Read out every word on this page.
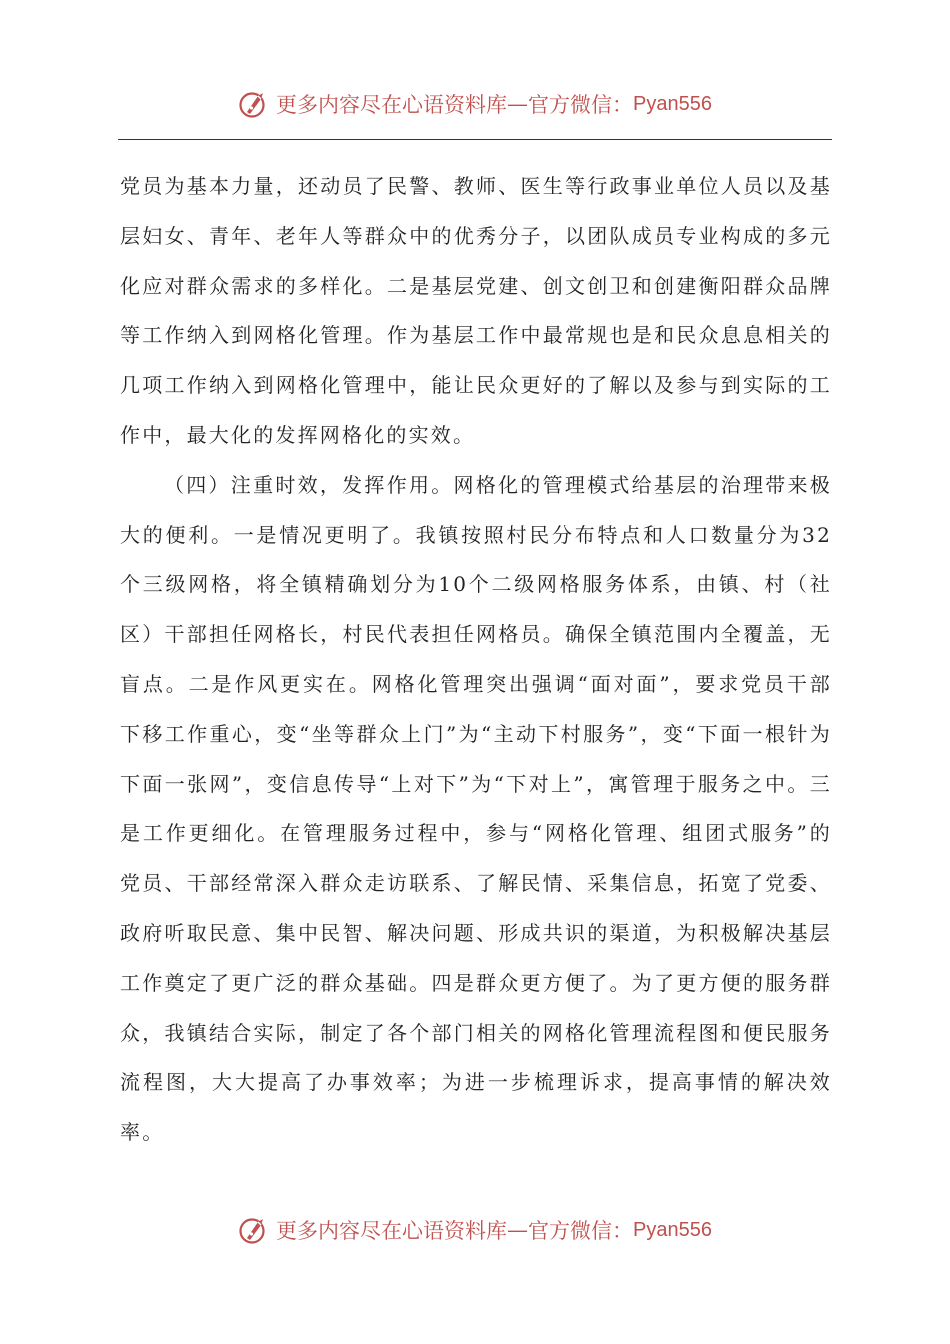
更多内容尽在心语资料库 — 官方微信： Pyan556

党员为基本力量，还动员了民警、教师、医生等行政事业单位人员以及基层妇女、青年、老年人等群众中的优秀分子，以团队成员专业构成的多元化应对群众需求的多样化。二是基层党建、创文创卫和创建衡阳群众品牌等工作纳入到网格化管理。作为基层工作中最常规也是和民众息息相关的几项工作纳入到网格化管理中，能让民众更好的了解以及参与到实际的工作中，最大化的发挥网格化的实效。

（四）注重时效，发挥作用。网格化的管理模式给基层的治理带来极大的便利。一是情况更明了。我镇按照村民分布特点和人口数量分为32个三级网格，将全镇精确划分为10个二级网格服务体系，由镇、村（社区）干部担任网格长，村民代表担任网格员。确保全镇范围内全覆盖，无盲点。二是作风更实在。网格化管理突出强调“面对面”，要求党员干部下移工作重心，变“坐等群众上门”为“主动下村服务”，变“下面一根针为下面一张网”，变信息传导“上对下”为“下对上”，寓管理于服务之中。三是工作更细化。在管理服务过程中，参与“网格化管理、组团式服务”的党员、干部经常深入群众走访联系、了解民情、采集信息，拓宽了党委、政府听取民意、集中民智、解决问题、形成共识的渠道，为积极解决基层工作奠定了更广泛的群众基础。四是群众更方便了。为了更方便的服务群众，我镇结合实际，制定了各个部门相关的网格化管理流程图和便民服务流程图，大大提高了办事效率；为进一步梳理诉求，提高事情的解决效率。

更多内容尽在心语资料库 — 官方微信： Pyan556
